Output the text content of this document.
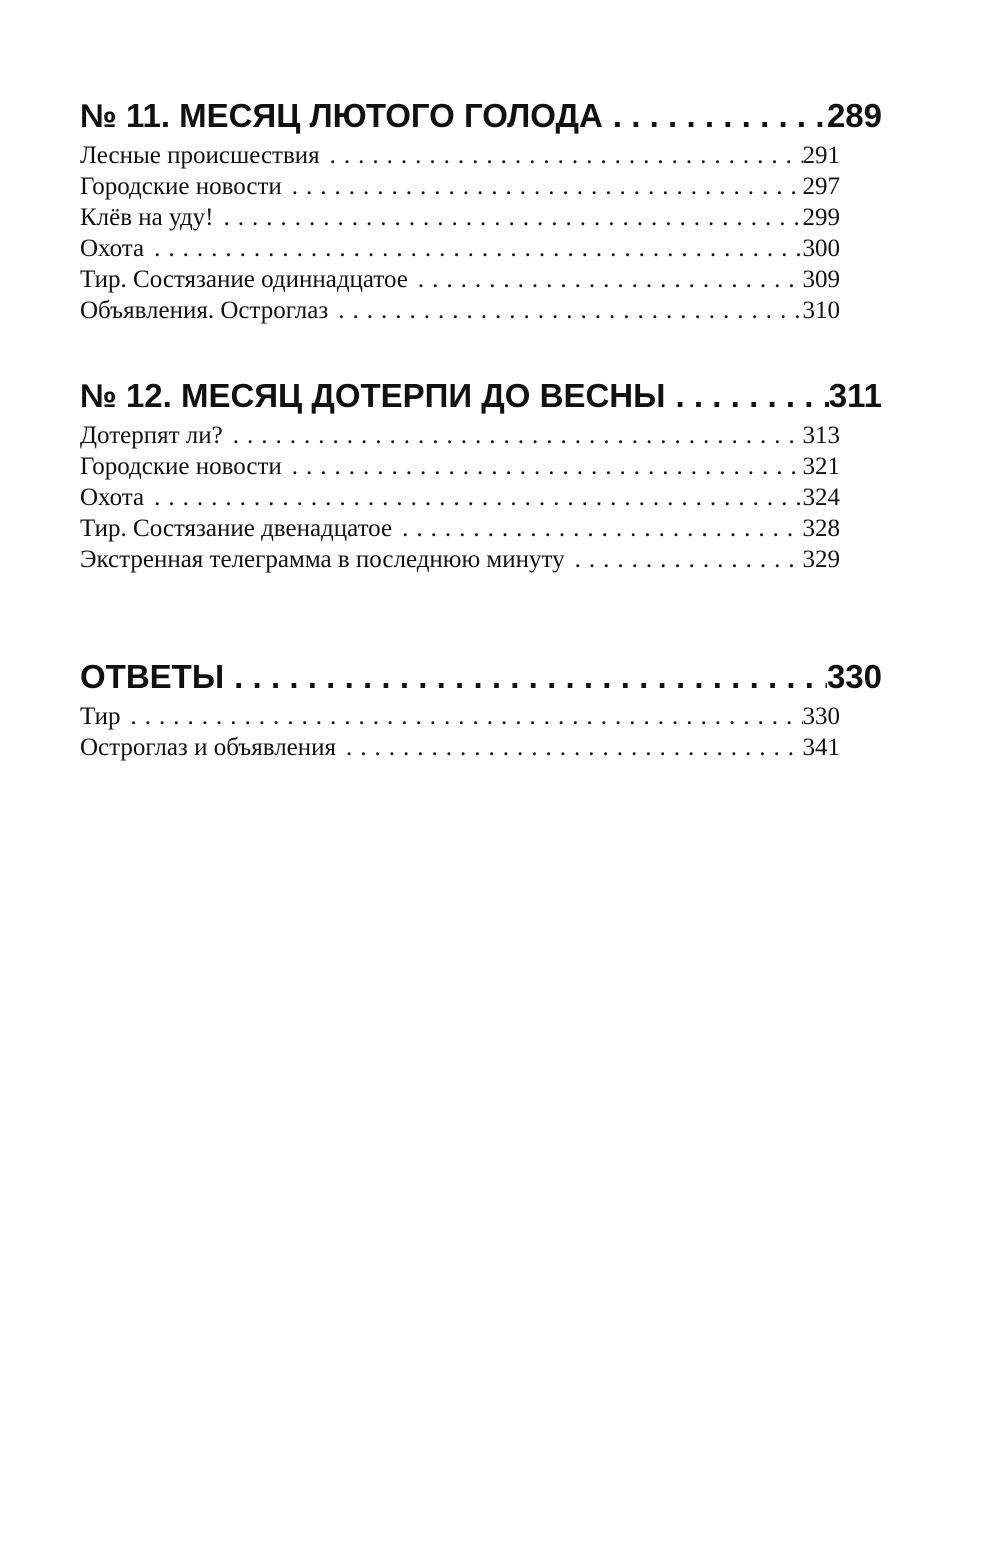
№ 11. МЕСЯЦ ЛЮТОГО ГОЛОДА .....	289
Лесные происшествия .....	291
Городские новости .....	297
Клёв на уду! .....	299
Охота .....	300
Тир. Состязание одиннадцатое .....	309
Объявления. Остроглаз .....	310
№ 12. МЕСЯЦ ДОТЕРПИ ДО ВЕСНЫ .....	311
Дотерпят ли? .....	313
Городские новости .....	321
Охота .....	324
Тир. Состязание двенадцатое .....	328
Экстренная телеграмма в последнюю минуту .....	329
ОТВЕТЫ .....	330
Тир .....	330
Остроглаз и объявления .....	341
